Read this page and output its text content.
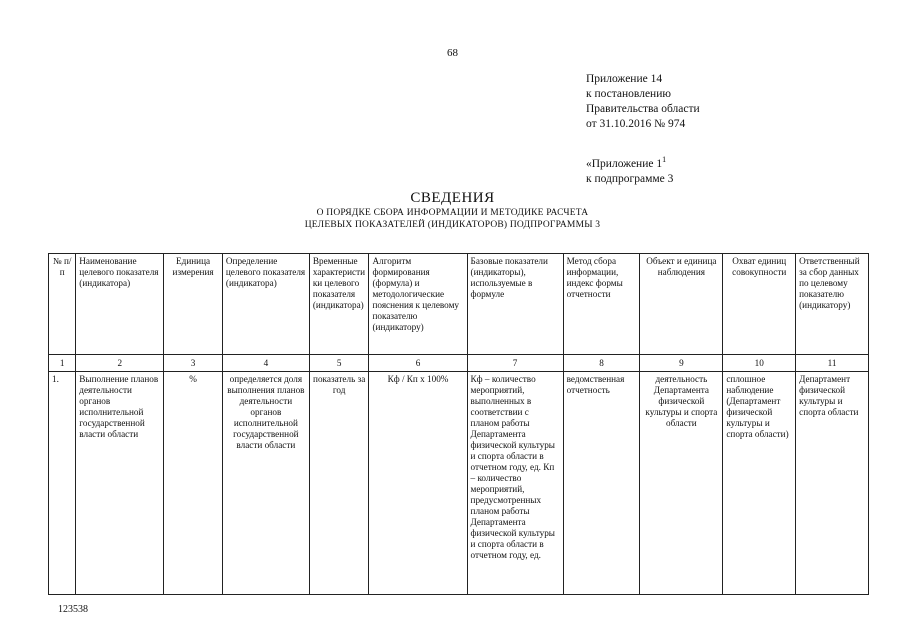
68
Приложение 14
к постановлению
Правительства области
от 31.10.2016 № 974
«Приложение $1^1$
к подпрограмме 3
СВЕДЕНИЯ
О ПОРЯДКЕ СБОРА ИНФОРМАЦИИ И МЕТОДИКЕ РАСЧЕТА
ЦЕЛЕВЫХ ПОКАЗАТЕЛЕЙ (ИНДИКАТОРОВ) ПОДПРОГРАММЫ 3
№ п/п	Наименование целевого показателя (индикатора)	Единица измерения	Определение целевого показателя (индикатора)	Временные характеристики целевого показателя (индикатора)	Алгоритм формирования (формула) и методологические пояснения к целевому показателю (индикатору)	Базовые показатели (индикаторы), используемые в формуле	Метод сбора информации, индекс формы отчетности	Объект и единица наблюдения	Охват единиц совокупности	Ответственный за сбор данных по целевому показателю (индикатору)
1	2	3	4	5	6	7	8	9	10	11
1.	Выполнение планов деятельности органов исполнительной государственной власти области	%	определяется доля выполнения планов деятельности органов исполнительной государственной власти области	показатель за год	Кф / Кп х 100%	Кф – количество мероприятий, выполненных в соответствии с планом работы Департамента физической культуры и спорта области в отчетном году, ед. Кп – количество мероприятий, предусмотренных планом работы Департамента физической культуры и спорта области в отчетном году, ед.	ведомственная отчетность	деятельность Департамента физической культуры и спорта области	сплошное наблюдение (Департамент физической культуры и спорта области)	Департамент физической культуры и спорта области
123538
